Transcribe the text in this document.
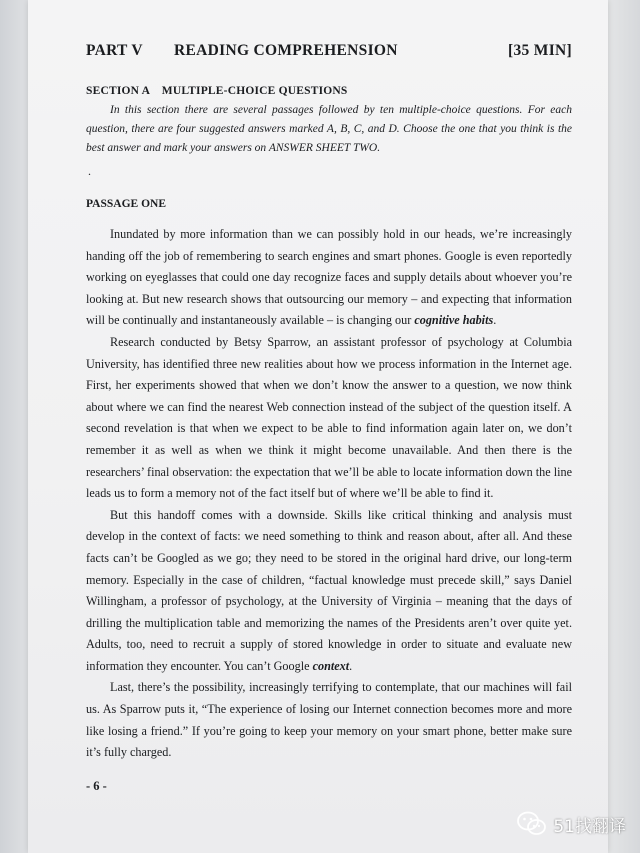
PART V	READING COMPREHENSION	[35 MIN]
SECTION A    MULTIPLE-CHOICE QUESTIONS
In this section there are several passages followed by ten multiple-choice questions. For each question, there are four suggested answers marked A, B, C, and D. Choose the one that you think is the best answer and mark your answers on ANSWER SHEET TWO.
.
PASSAGE ONE

Inundated by more information than we can possibly hold in our heads, we’re increasingly handing off the job of remembering to search engines and smart phones. Google is even reportedly working on eyeglasses that could one day recognize faces and supply details about whoever you’re looking at. But new research shows that outsourcing our memory – and expecting that information will be continually and instantaneously available – is changing our cognitive habits.

Research conducted by Betsy Sparrow, an assistant professor of psychology at Columbia University, has identified three new realities about how we process information in the Internet age. First, her experiments showed that when we don’t know the answer to a question, we now think about where we can find the nearest Web connection instead of the subject of the question itself. A second revelation is that when we expect to be able to find information again later on, we don’t remember it as well as when we think it might become unavailable. And then there is the researchers’ final observation: the expectation that we’ll be able to locate information down the line leads us to form a memory not of the fact itself but of where we’ll be able to find it.

But this handoff comes with a downside. Skills like critical thinking and analysis must develop in the context of facts: we need something to think and reason about, after all. And these facts can’t be Googled as we go; they need to be stored in the original hard drive, our long-term memory. Especially in the case of children, “factual knowledge must precede skill,” says Daniel Willingham, a professor of psychology, at the University of Virginia – meaning that the days of drilling the multiplication table and memorizing the names of the Presidents aren’t over quite yet. Adults, too, need to recruit a supply of stored knowledge in order to situate and evaluate new information they encounter. You can’t Google context.

Last, there’s the possibility, increasingly terrifying to contemplate, that our machines will fail us. As Sparrow puts it, “The experience of losing our Internet connection becomes more and more like losing a friend.” If you’re going to keep your memory on your smart phone, better make sure it’s fully charged.

- 6 -
51找翻译
